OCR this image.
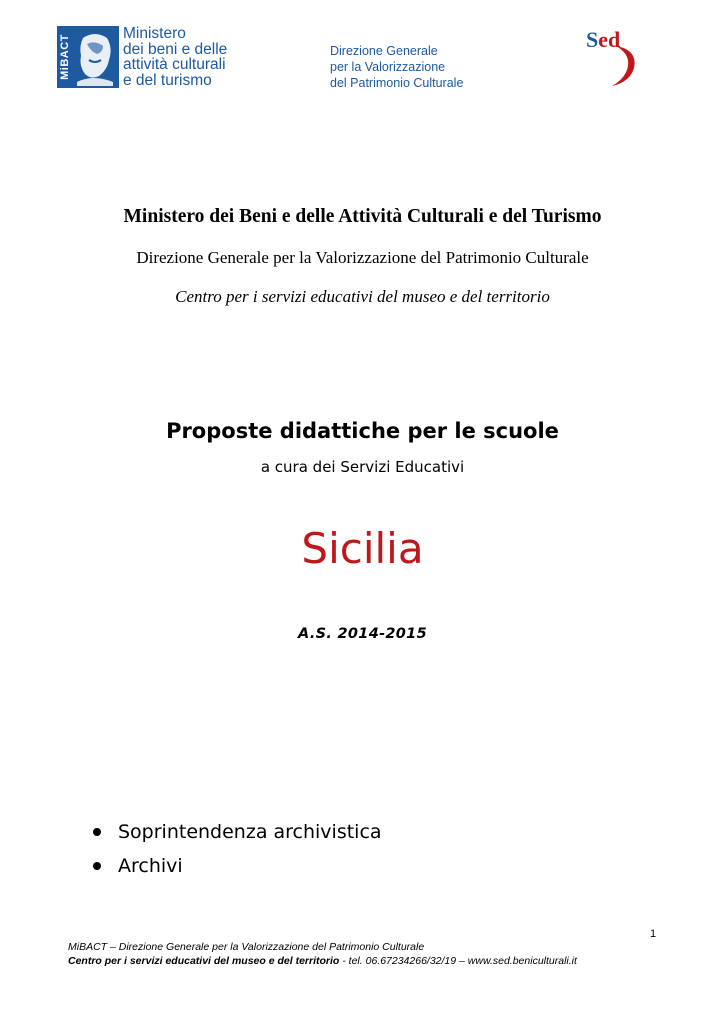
MiBACT
Ministero
dei beni e delle
attività culturali
e del turismo
Direzione Generale
per la Valorizzazione
del Patrimonio Culturale
Sed
Ministero dei Beni e delle Attività Culturali e del Turismo
Direzione Generale per la Valorizzazione del Patrimonio Culturale
Centro per i servizi educativi del museo e del territorio
Proposte didattiche per le scuole
a cura dei Servizi Educativi
Sicilia
A.S. 2014-2015
Soprintendenza archivistica
Archivi
1
MiBACT – Direzione Generale per la Valorizzazione del Patrimonio Culturale
Centro per i servizi educativi del museo e del territorio - tel. 06.67234266/32/19 – www.sed.beniculturali.it
